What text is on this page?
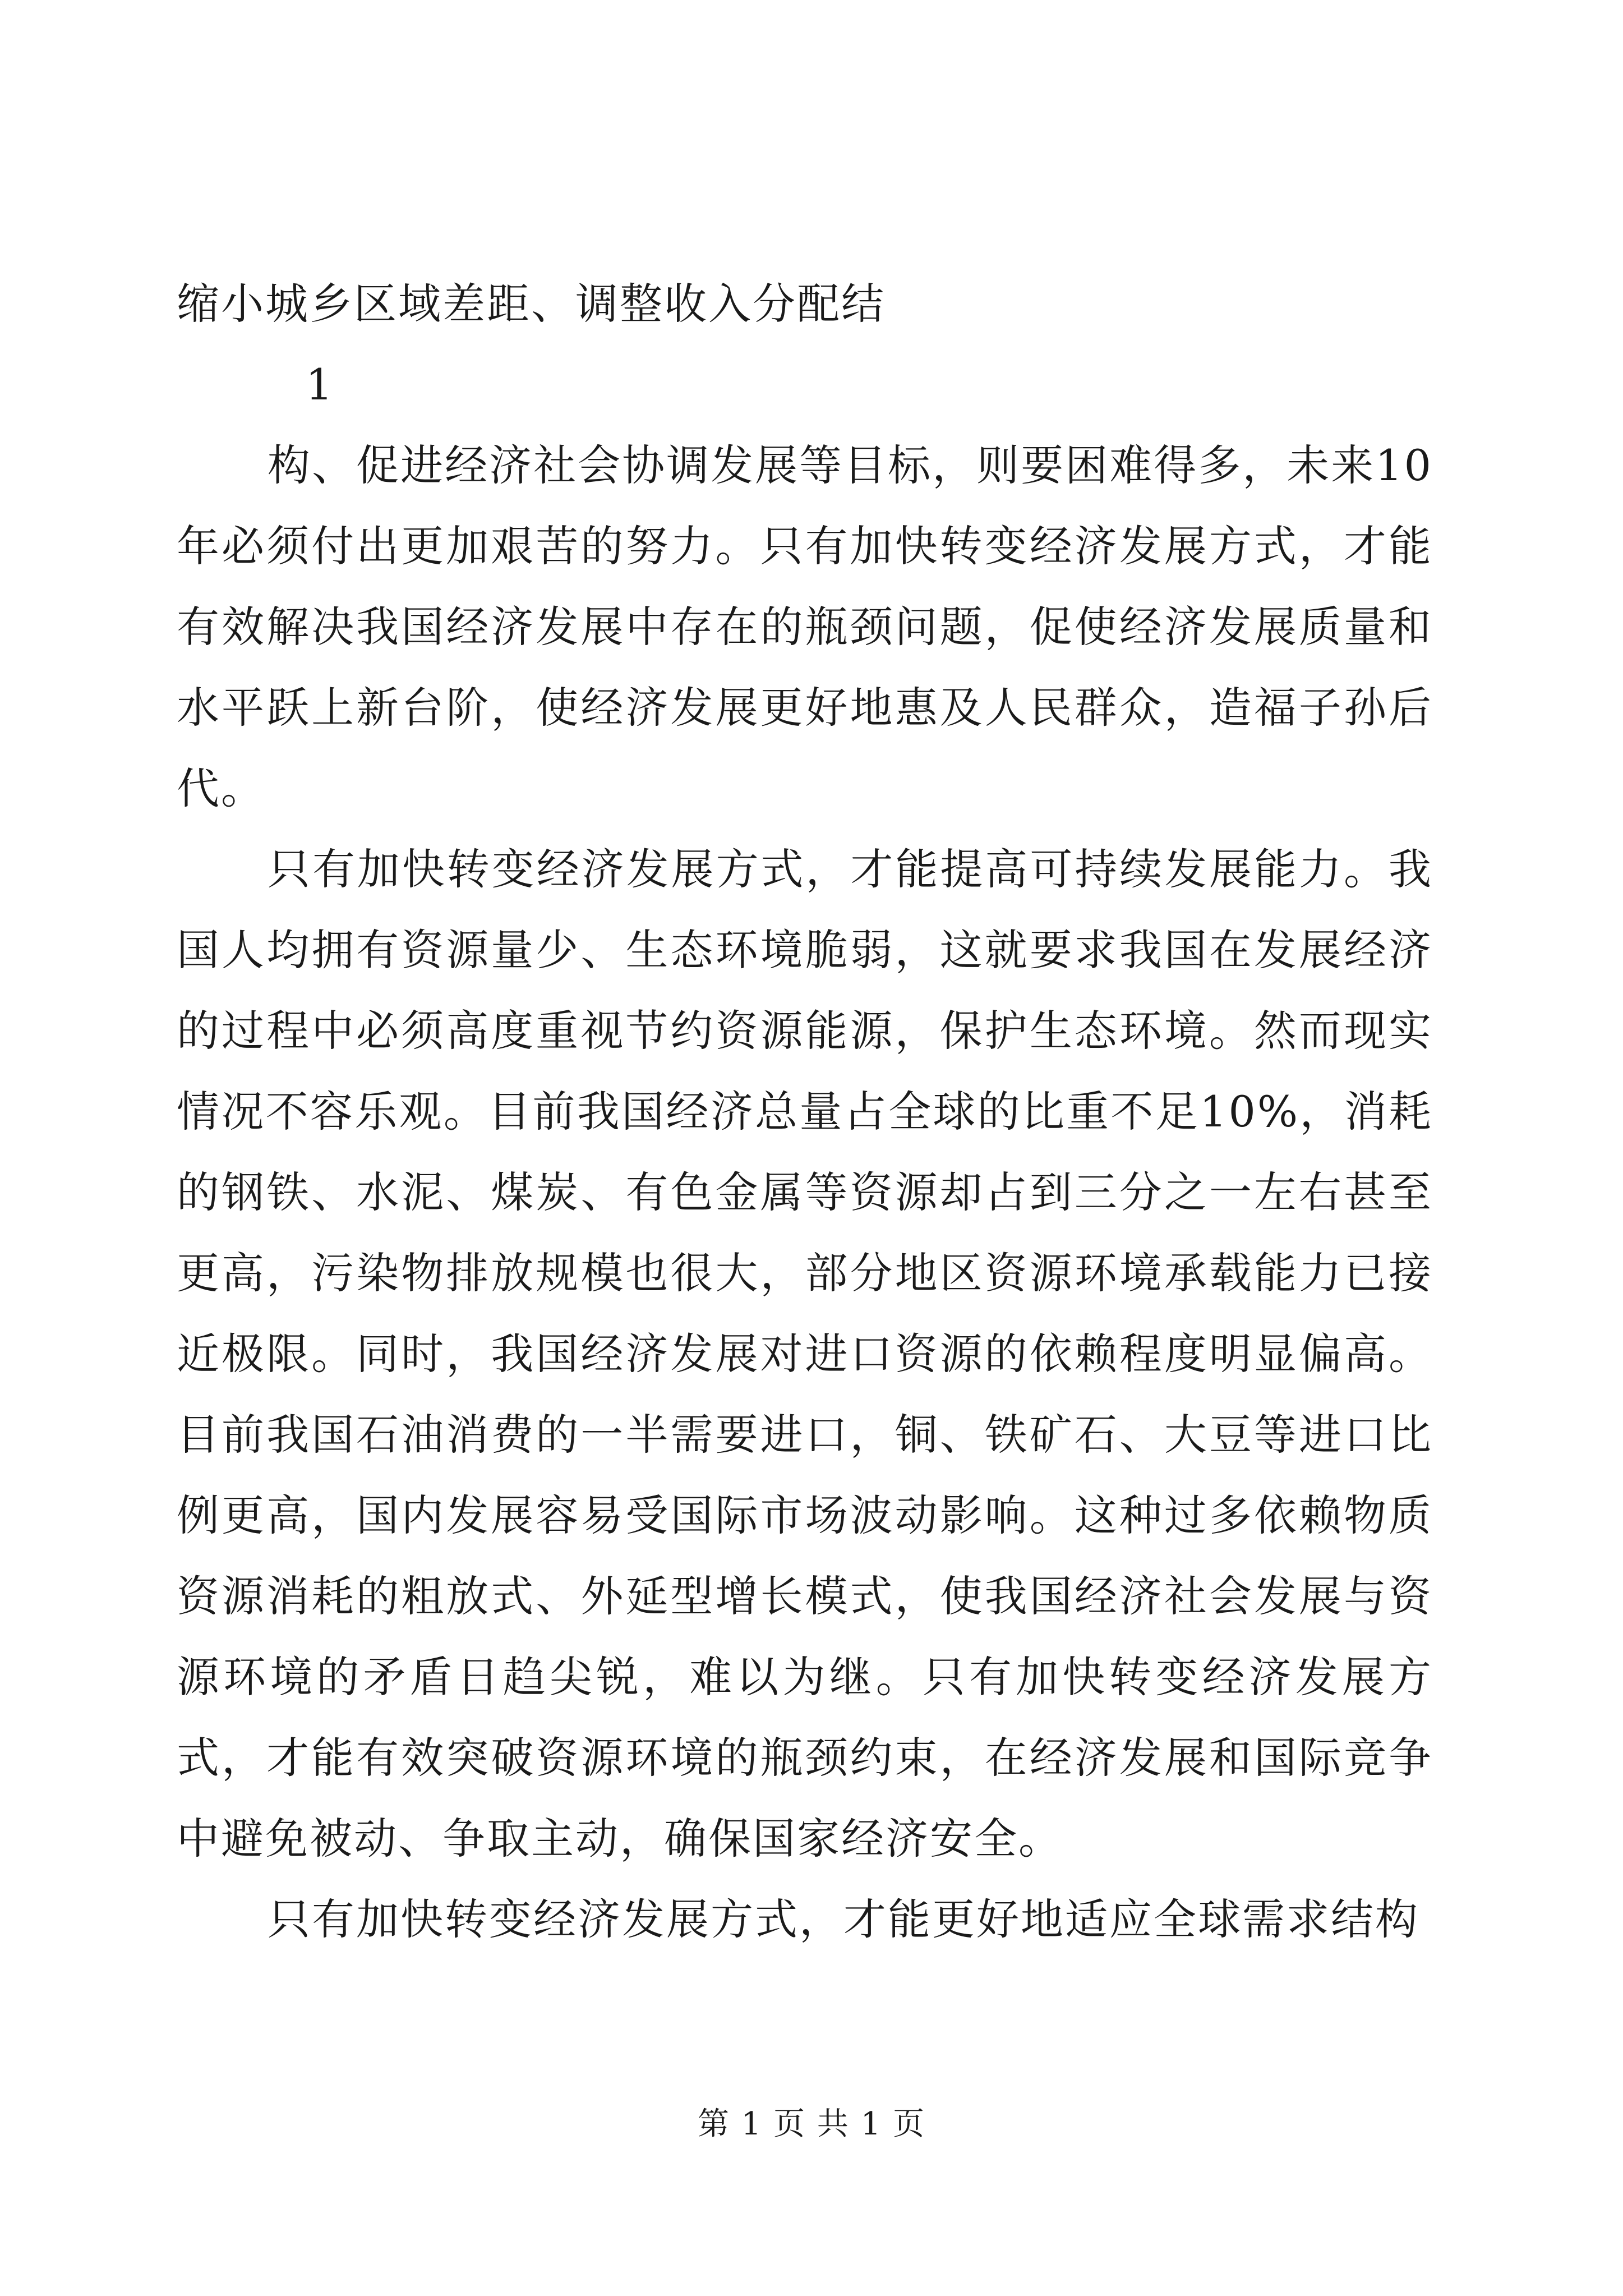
缩小城乡区域差距、调整收入分配结

1

构、促进经济社会协调发展等目标，则要困难得多，未来10年必须付出更加艰苦的努力。只有加快转变经济发展方式，才能有效解决我国经济发展中存在的瓶颈问题，促使经济发展质量和水平跃上新台阶，使经济发展更好地惠及人民群众，造福子孙后代。

只有加快转变经济发展方式，才能提高可持续发展能力。我国人均拥有资源量少、生态环境脆弱，这就要求我国在发展经济的过程中必须高度重视节约资源能源，保护生态环境。然而现实情况不容乐观。目前我国经济总量占全球的比重不足10%，消耗的钢铁、水泥、煤炭、有色金属等资源却占到三分之一左右甚至更高，污染物排放规模也很大，部分地区资源环境承载能力已接近极限。同时，我国经济发展对进口资源的依赖程度明显偏高。目前我国石油消费的一半需要进口，铜、铁矿石、大豆等进口比例更高，国内发展容易受国际市场波动影响。这种过多依赖物质资源消耗的粗放式、外延型增长模式，使我国经济社会发展与资源环境的矛盾日趋尖锐，难以为继。只有加快转变经济发展方式，才能有效突破资源环境的瓶颈约束，在经济发展和国际竞争中避免被动、争取主动，确保国家经济安全。

只有加快转变经济发展方式，才能更好地适应全球需求结构

第 1 页 共 1 页
